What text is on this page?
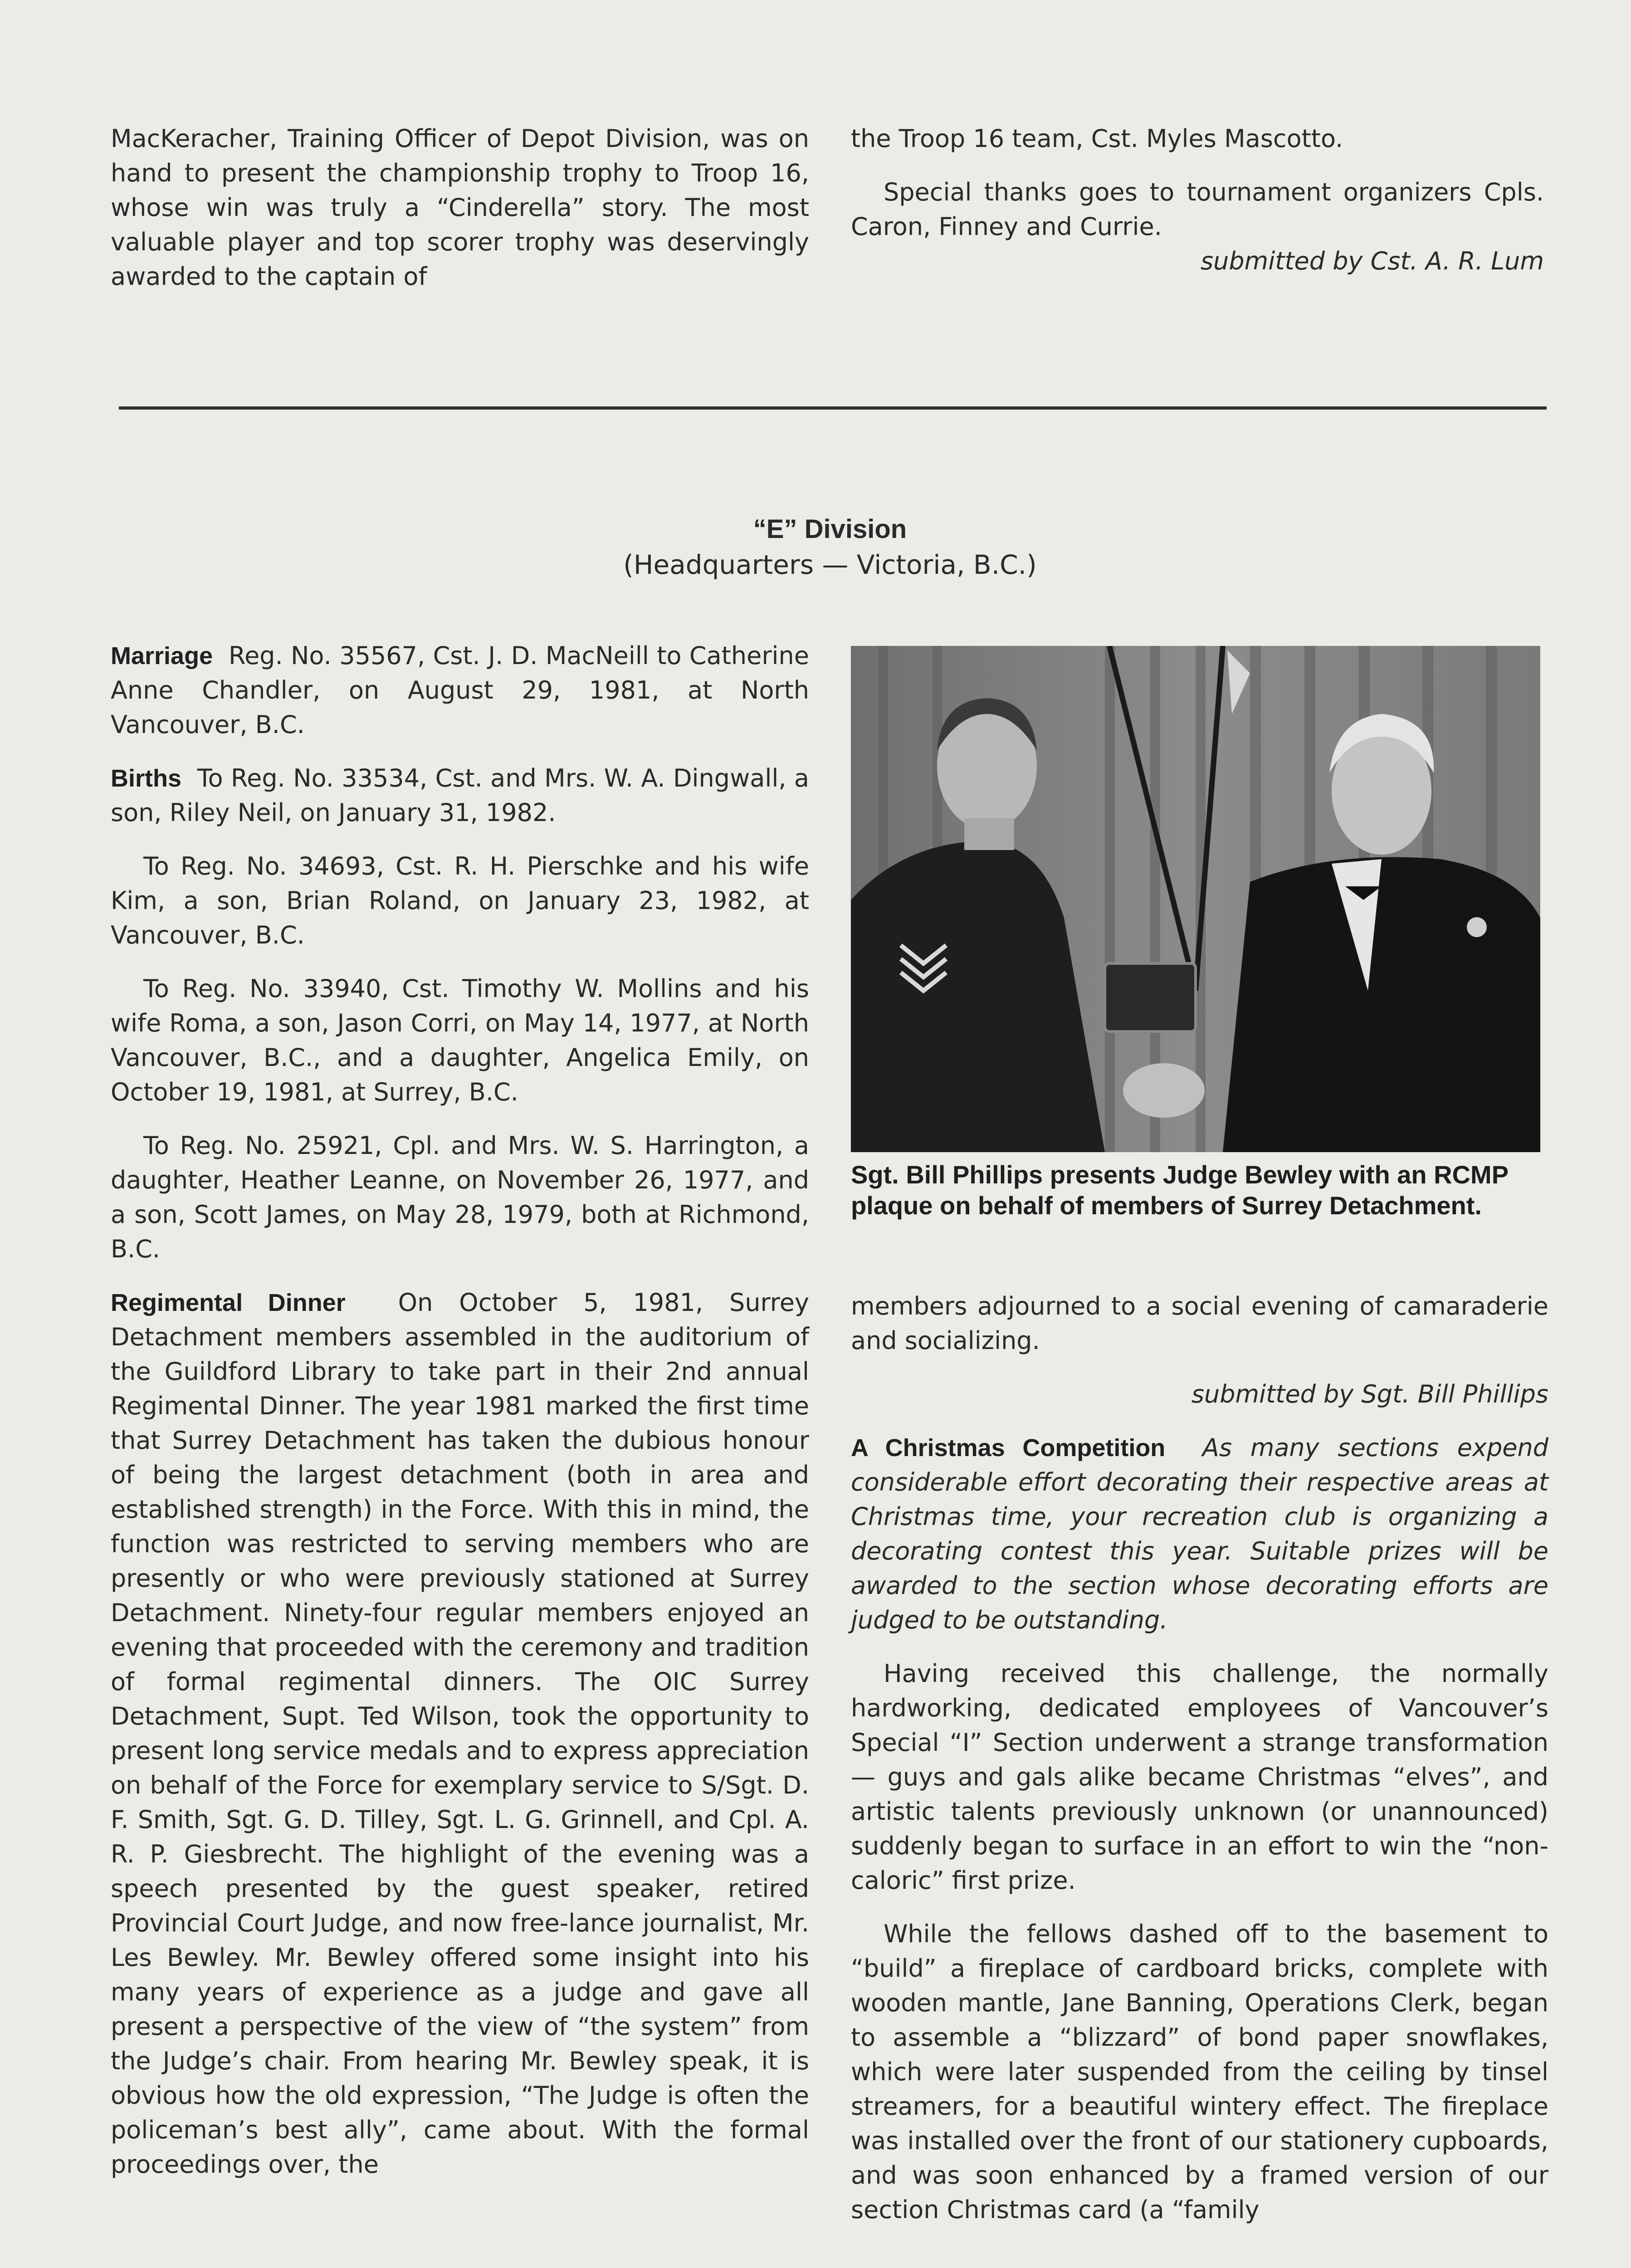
MacKeracher, Training Officer of Depot Division, was on hand to present the championship trophy to Troop 16, whose win was truly a “Cinderella” story. The most valuable player and top scorer trophy was deservingly awarded to the captain of

the Troop 16 team, Cst. Myles Mascotto.

Special thanks goes to tournament organizers Cpls. Caron, Finney and Currie.

submitted by Cst. A. R. Lum

“E” Division
(Headquarters — Victoria, B.C.)

Marriage Reg. No. 35567, Cst. J. D. MacNeill to Catherine Anne Chandler, on August 29, 1981, at North Vancouver, B.C.

Births To Reg. No. 33534, Cst. and Mrs. W. A. Dingwall, a son, Riley Neil, on January 31, 1982.

To Reg. No. 34693, Cst. R. H. Pierschke and his wife Kim, a son, Brian Roland, on January 23, 1982, at Vancouver, B.C.

To Reg. No. 33940, Cst. Timothy W. Mollins and his wife Roma, a son, Jason Corri, on May 14, 1977, at North Vancouver, B.C., and a daughter, Angelica Emily, on October 19, 1981, at Surrey, B.C.

To Reg. No. 25921, Cpl. and Mrs. W. S. Harrington, a daughter, Heather Leanne, on November 26, 1977, and a son, Scott James, on May 28, 1979, both at Richmond, B.C.

Regimental Dinner On October 5, 1981, Surrey Detachment members assembled in the auditorium of the Guildford Library to take part in their 2nd annual Regimental Dinner. The year 1981 marked the first time that Surrey Detachment has taken the dubious honour of being the largest detachment (both in area and established strength) in the Force. With this in mind, the function was restricted to serving members who are presently or who were previously stationed at Surrey Detachment. Ninety-four regular members enjoyed an evening that proceeded with the ceremony and tradition of formal regimental dinners. The OIC Surrey Detachment, Supt. Ted Wilson, took the opportunity to present long service medals and to express appreciation on behalf of the Force for exemplary service to S/Sgt. D. F. Smith, Sgt. G. D. Tilley, Sgt. L. G. Grinnell, and Cpl. A. R. P. Giesbrecht. The highlight of the evening was a speech presented by the guest speaker, retired Provincial Court Judge, and now free-lance journalist, Mr. Les Bewley. Mr. Bewley offered some insight into his many years of experience as a judge and gave all present a perspective of the view of “the system” from the Judge’s chair. From hearing Mr. Bewley speak, it is obvious how the old expression, “The Judge is often the policeman’s best ally”, came about. With the formal proceedings over, the

Sgt. Bill Phillips presents Judge Bewley with an RCMP plaque on behalf of members of Surrey Detachment.

members adjourned to a social evening of camaraderie and socializing.

submitted by Sgt. Bill Phillips

A Christmas Competition As many sections expend considerable effort decorating their respective areas at Christmas time, your recreation club is organizing a decorating contest this year. Suitable prizes will be awarded to the section whose decorating efforts are judged to be outstanding.

Having received this challenge, the normally hardworking, dedicated employees of Vancouver’s Special “I” Section underwent a strange transformation — guys and gals alike became Christmas “elves”, and artistic talents previously unknown (or unannounced) suddenly began to surface in an effort to win the “non-caloric” first prize.

While the fellows dashed off to the basement to “build” a fireplace of cardboard bricks, complete with wooden mantle, Jane Banning, Operations Clerk, began to assemble a “blizzard” of bond paper snowflakes, which were later suspended from the ceiling by tinsel streamers, for a beautiful wintery effect. The fireplace was installed over the front of our stationery cupboards, and was soon enhanced by a framed version of our section Christmas card (a “family
